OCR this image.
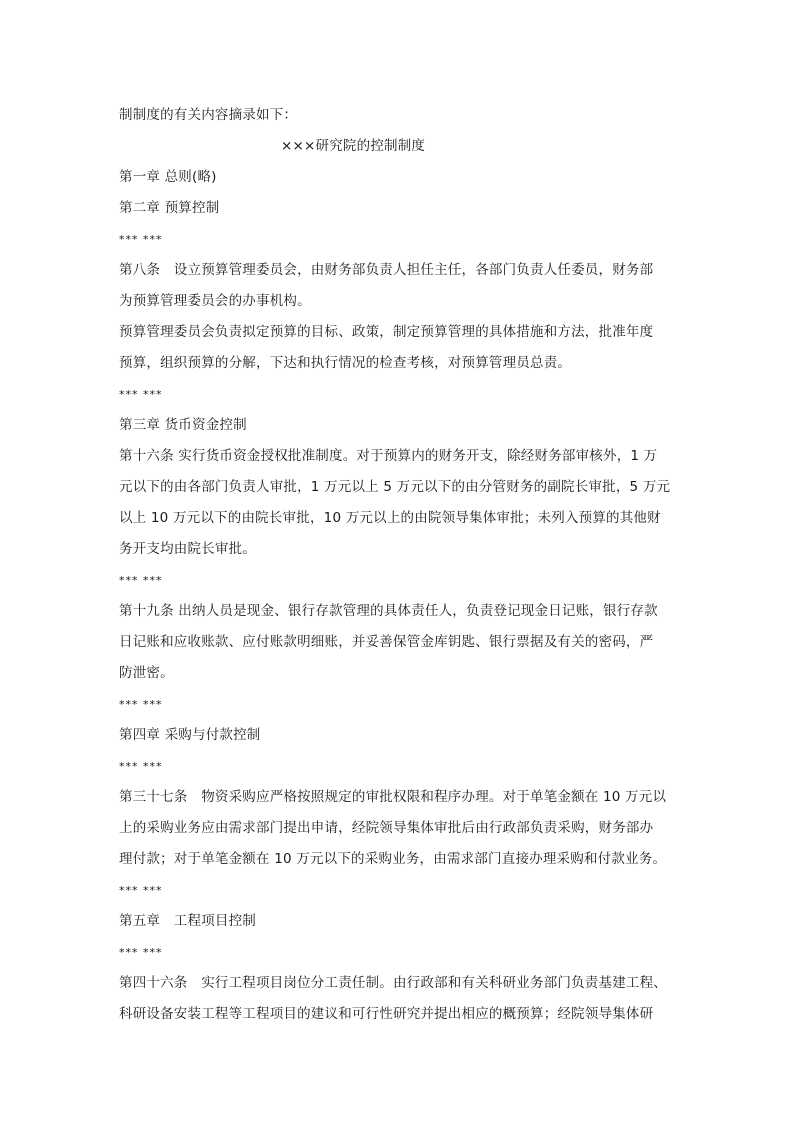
制制度的有关内容摘录如下：
×××研究院的控制制度
第一章 总则(略)
第二章 预算控制
*** ***
第八条　设立预算管理委员会，由财务部负责人担任主任，各部门负责人任委员，财务部
为预算管理委员会的办事机构。
预算管理委员会负责拟定预算的目标、政策，制定预算管理的具体措施和方法，批准年度
预算，组织预算的分解，下达和执行情况的检查考核，对预算管理员总责。
*** ***
第三章 货币资金控制
第十六条 实行货币资金授权批准制度。对于预算内的财务开支，除经财务部审核外，1 万
元以下的由各部门负责人审批，1 万元以上 5 万元以下的由分管财务的副院长审批，5 万元
以上 10 万元以下的由院长审批，10 万元以上的由院领导集体审批；未列入预算的其他财
务开支均由院长审批。
*** ***
第十九条 出纳人员是现金、银行存款管理的具体责任人，负责登记现金日记账，银行存款
日记账和应收账款、应付账款明细账，并妥善保管金库钥匙、银行票据及有关的密码，严
防泄密。
*** ***
第四章 采购与付款控制
*** ***
第三十七条　物资采购应严格按照规定的审批权限和程序办理。对于单笔金额在 10 万元以
上的采购业务应由需求部门提出申请，经院领导集体审批后由行政部负责采购，财务部办
理付款；对于单笔金额在 10 万元以下的采购业务，由需求部门直接办理采购和付款业务。
*** ***
第五章　工程项目控制
*** ***
第四十六条　实行工程项目岗位分工责任制。由行政部和有关科研业务部门负责基建工程、
科研设备安装工程等工程项目的建议和可行性研究并提出相应的概预算；经院领导集体研
